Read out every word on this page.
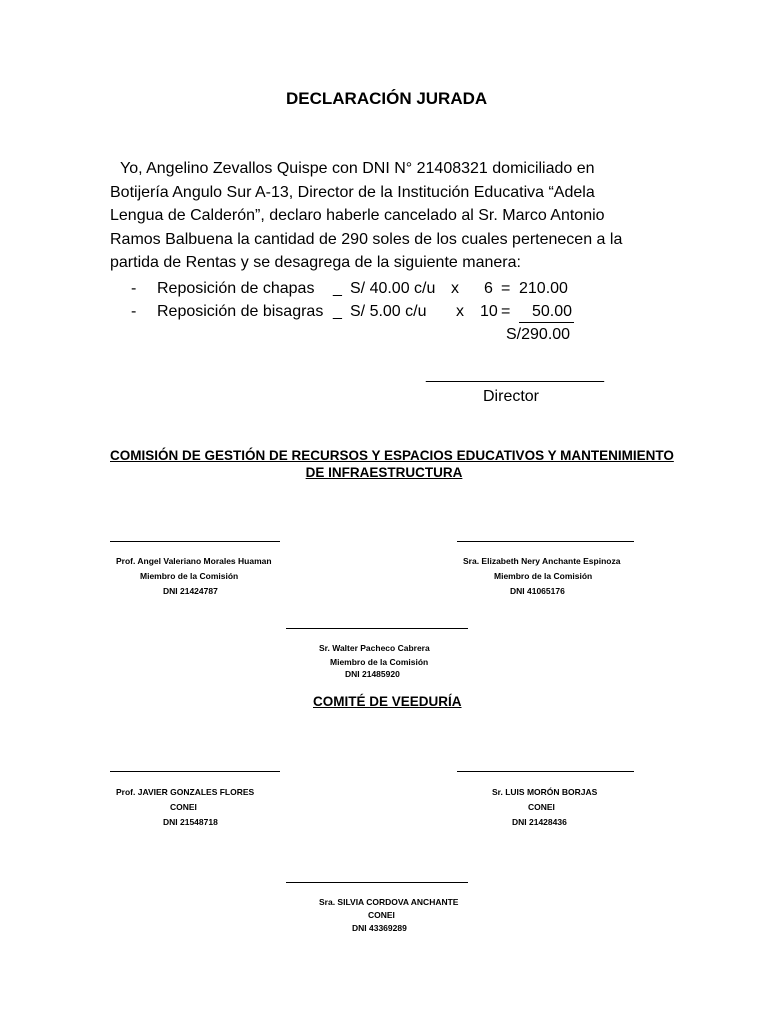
DECLARACIÓN JURADA

Yo, Angelino Zevallos Quispe con DNI N° 21408321 domiciliado en

Botijería Angulo Sur A-13, Director de la Institución Educativa “Adela

Lengua de Calderón”, declaro haberle cancelado al Sr. Marco Antonio

Ramos Balbuena la cantidad de 290 soles de los cuales pertenecen a la

partida de Rentas y se desagrega de la siguiente manera:

- Reposición de chapas _ S/ 40.00 c/u x 6 = 210.00
- Reposición de bisagras _ S/ 5.00 c/u x 10 = 50.00
S/290.00
____________________
Director
COMISIÓN DE GESTIÓN DE RECURSOS Y ESPACIOS EDUCATIVOS Y MANTENIMIENTO
DE INFRAESTRUCTURA
Prof. Angel Valeriano Morales Huaman
Miembro de la Comisión
DNI 21424787
Sra. Elizabeth Nery Anchante Espinoza
Miembro de la Comisión
DNI 41065176
Sr. Walter Pacheco Cabrera
Miembro de la Comisión
DNI 21485920
COMITÉ DE VEEDURÍA
Prof. JAVIER GONZALES FLORES
CONEI
DNI 21548718
Sr. LUIS MORÓN BORJAS
CONEI
DNI 21428436
Sra. SILVIA CORDOVA ANCHANTE
CONEI
DNI 43369289
